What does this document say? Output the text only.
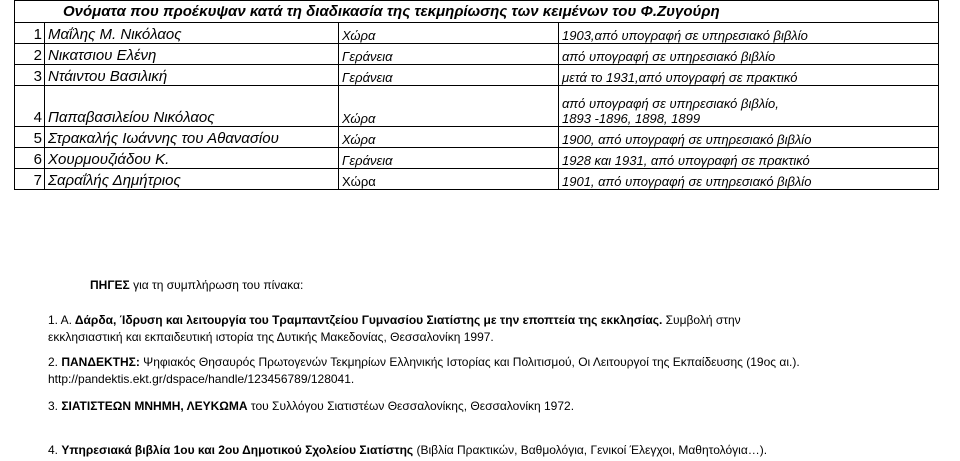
Ονόματα που προέκυψαν κατά τη διαδικασία της τεκμηρίωσης των κειμένων του Φ.Ζυγούρη			
1	Μαΐλης Μ. Νικόλαος	Χώρα	1903,από υπογραφή σε υπηρεσιακό βιβλίο
2	Νικατσιου Ελένη	Γεράνεια	από υπογραφή σε υπηρεσιακό βιβλίο
3	Ντάιντου Βασιλική	Γεράνεια	μετά το 1931,από υπογραφή σε πρακτικό
4	Παπαβασιλείου Νικόλαος	Χώρα	από υπογραφή σε υπηρεσιακό βιβλίο,
1893 -1896, 1898, 1899

5	Στρακαλής Ιωάννης του Αθανασίου	Χώρα	1900, από υπογραφή σε υπηρεσιακό βιβλίο
6	Χουρμουζιάδου Κ.	Γεράνεια	1928 και 1931, από υπογραφή σε πρακτικό
7	Σαραΐλής Δημήτριος	Χώρα	1901, από υπογραφή σε υπηρεσιακό βιβλίο

ΠΗΓΕΣ για τη συμπλήρωση του πίνακα:

1. Α. Δάρδα, Ίδρυση και λειτουργία του Τραμπαντζείου Γυμνασίου Σιατίστης με την εποπτεία της εκκλησίας. Συμβολή στην

εκκλησιαστική και εκπαιδευτική ιστορία της Δυτικής Μακεδονίας, Θεσσαλονίκη 1997.

2. ΠΑΝΔΕΚΤΗΣ: Ψηφιακός Θησαυρός Πρωτογενών Τεκμηρίων Ελληνικής Ιστορίας και Πολιτισμού, Οι Λειτουργοί της Εκπαίδευσης (19ος αι.).

http://pandektis.ekt.gr/dspace/handle/123456789/128041.

3. ΣΙΑΤΙΣΤΕΩΝ ΜΝΗΜΗ, ΛΕΥΚΩΜΑ του Συλλόγου Σιατιστέων Θεσσαλονίκης, Θεσσαλονίκη 1972.

4. Υπηρεσιακά βιβλία 1ου και 2ου Δημοτικού Σχολείου Σιατίστης (Βιβλία Πρακτικών, Βαθμολόγια, Γενικοί Έλεγχοι, Μαθητολόγια…).
